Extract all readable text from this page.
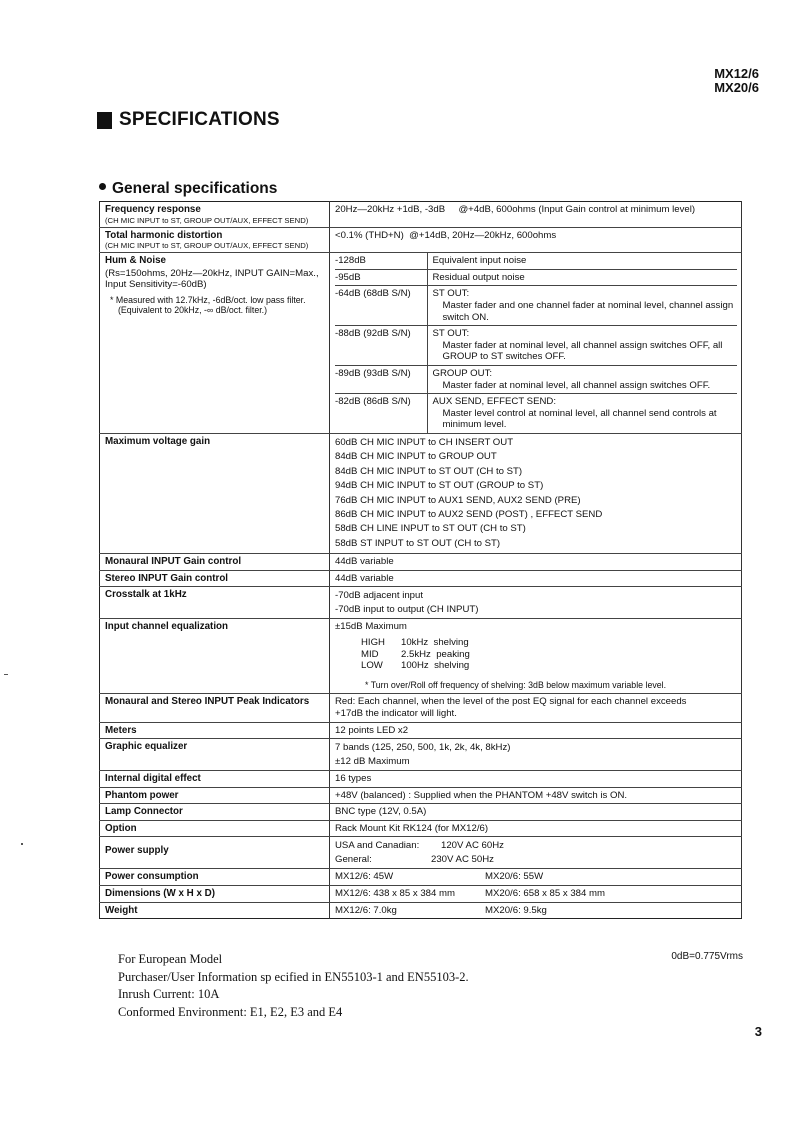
MX12/6
MX20/6
SPECIFICATIONS
General specifications
Frequency response
(CH MIC INPUT to ST, GROUP OUT/AUX, EFFECT SEND)
	20Hz—20kHz +1dB, -3dB     @+4dB, 600ohms (Input Gain control at minimum level)

Total harmonic distortion
(CH MIC INPUT to ST, GROUP OUT/AUX, EFFECT SEND)
	<0.1% (THD+N)  @+14dB, 20Hz—20kHz, 600ohms

Hum & Noise
(Rs=150ohms, 20Hz—20kHz, INPUT GAIN=Max., Input Sensitivity=-60dB)
* Measured with 12.7kHz, -6dB/oct. low pass filter.
(Equivalent to 20kHz, -∞ dB/oct. filter.)

-128dB	Equivalent input noise

-95dB	Residual output noise

-64dB (68dB S/N)	ST OUT:
Master fader and one channel fader at nominal level, channel assign switch ON.

-88dB (92dB S/N)	ST OUT:
Master fader at nominal level, all channel assign switches OFF, all GROUP to ST switches OFF.

-89dB (93dB S/N)	GROUP OUT:
Master fader at nominal level, all channel assign switches OFF.

-82dB (86dB S/N)	AUX SEND, EFFECT SEND:
Master level control at nominal level, all channel send controls at minimum level.

Maximum voltage gain	60dB CH MIC INPUT to CH INSERT OUT
84dB CH MIC INPUT to GROUP OUT
84dB CH MIC INPUT to ST OUT (CH to ST)
94dB CH MIC INPUT to ST OUT (GROUP to ST)
76dB CH MIC INPUT to AUX1 SEND, AUX2 SEND (PRE)
86dB CH MIC INPUT to AUX2 SEND (POST) , EFFECT SEND
58dB CH LINE INPUT to ST OUT (CH to ST)
58dB ST INPUT to ST OUT (CH to ST)

Monaural INPUT Gain control	44dB variable

Stereo INPUT Gain control	44dB variable

Crosstalk at 1kHz	-70dB adjacent input
-70dB input to output (CH INPUT)

Input channel equalization	±15dB Maximum
HIGH 10kHz  shelving
MID 2.5kHz  peaking
LOW 100Hz  shelving
* Turn over/Roll off frequency of shelving: 3dB below maximum variable level.

Monaural and Stereo INPUT Peak Indicators	Red: Each channel, when the level of the post EQ signal for each channel exceeds
+17dB the indicator will light.

Meters	12 points LED x2

Graphic equalizer	7 bands (125, 250, 500, 1k, 2k, 4k, 8kHz)
±12 dB Maximum

Internal digital effect	16 types

Phantom power	+48V (balanced) : Supplied when the PHANTOM +48V switch is ON.

Lamp Connector	BNC type (12V, 0.5A)

Option	Rack Mount Kit RK124 (for MX12/6)

Power supply	USA and Canadian: 120V AC 60Hz
General:	230V AC 50Hz

Power consumption	MX12/6: 45W	MX20/6: 55W

Dimensions (W x H x D)	MX12/6: 438 x 85 x 384 mm	MX20/6: 658 x 85 x 384 mm

Weight	MX12/6: 7.0kg	MX20/6: 9.5kg
For European Model
Purchaser/User Information sp ecified in EN55103-1 and EN55103-2.
Inrush Current: 10A
Conformed Environment: E1, E2, E3 and E4
0dB=0.775Vrms
3
